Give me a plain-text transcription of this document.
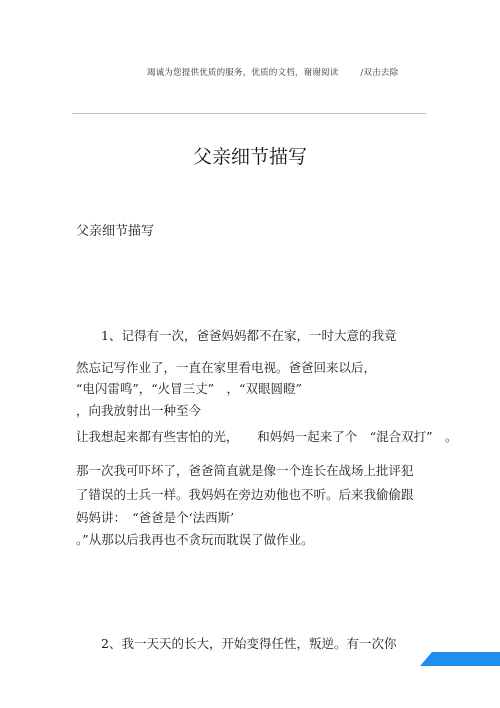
竭诚为您提供优质的服务，优质的文档，谢谢阅读	/双击去除
父亲细节描写
父亲细节描写
1、记得有一次，爸爸妈妈都不在家，一时大意的我竟
然忘记写作业了，一直在家里看电视。爸爸回来以后，
“电闪雷鸣”，“火冒三丈”　，“双眼圆瞪”
，向我放射出一种至今
让我想起来都有些害怕的光，　　和妈妈一起来了个　“混合双打”　。
那一次我可吓坏了，爸爸简直就是像一个连长在战场上批评犯
了错误的士兵一样。我妈妈在旁边劝他也不听。后来我偷偷跟
妈妈讲：　“爸爸是个‘法西斯’
。”从那以后我再也不贪玩而耽误了做作业。
2、我一天天的长大，开始变得任性，叛逆。有一次你
